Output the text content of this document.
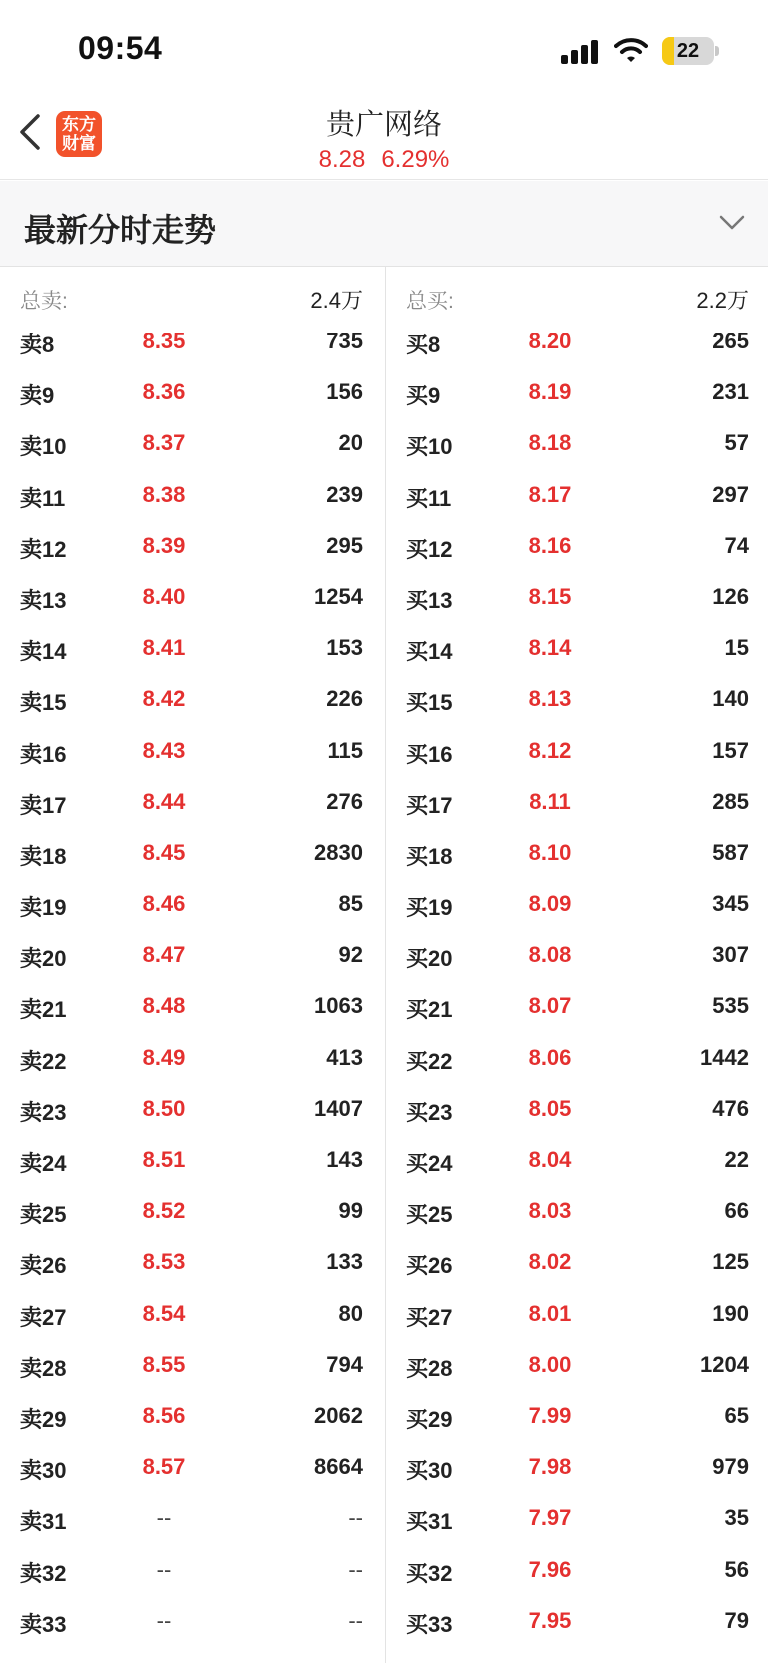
09:54	22
东方
财富
贵广网络
8.28 6.29%
最新分时走势
总卖:	2.4万
卖8	8.35	735
卖9	8.36	156
卖10	8.37	20
卖11	8.38	239
卖12	8.39	295
卖13	8.40	1254
卖14	8.41	153
卖15	8.42	226
卖16	8.43	115
卖17	8.44	276
卖18	8.45	2830
卖19	8.46	85
卖20	8.47	92
卖21	8.48	1063
卖22	8.49	413
卖23	8.50	1407
卖24	8.51	143
卖25	8.52	99
卖26	8.53	133
卖27	8.54	80
卖28	8.55	794
卖29	8.56	2062
卖30	8.57	8664
卖31	--	--
卖32	--	--
卖33	--	--
总买:	2.2万
买8	8.20	265
买9	8.19	231
买10	8.18	57
买11	8.17	297
买12	8.16	74
买13	8.15	126
买14	8.14	15
买15	8.13	140
买16	8.12	157
买17	8.11	285
买18	8.10	587
买19	8.09	345
买20	8.08	307
买21	8.07	535
买22	8.06	1442
买23	8.05	476
买24	8.04	22
买25	8.03	66
买26	8.02	125
买27	8.01	190
买28	8.00	1204
买29	7.99	65
买30	7.98	979
买31	7.97	35
买32	7.96	56
买33	7.95	79
